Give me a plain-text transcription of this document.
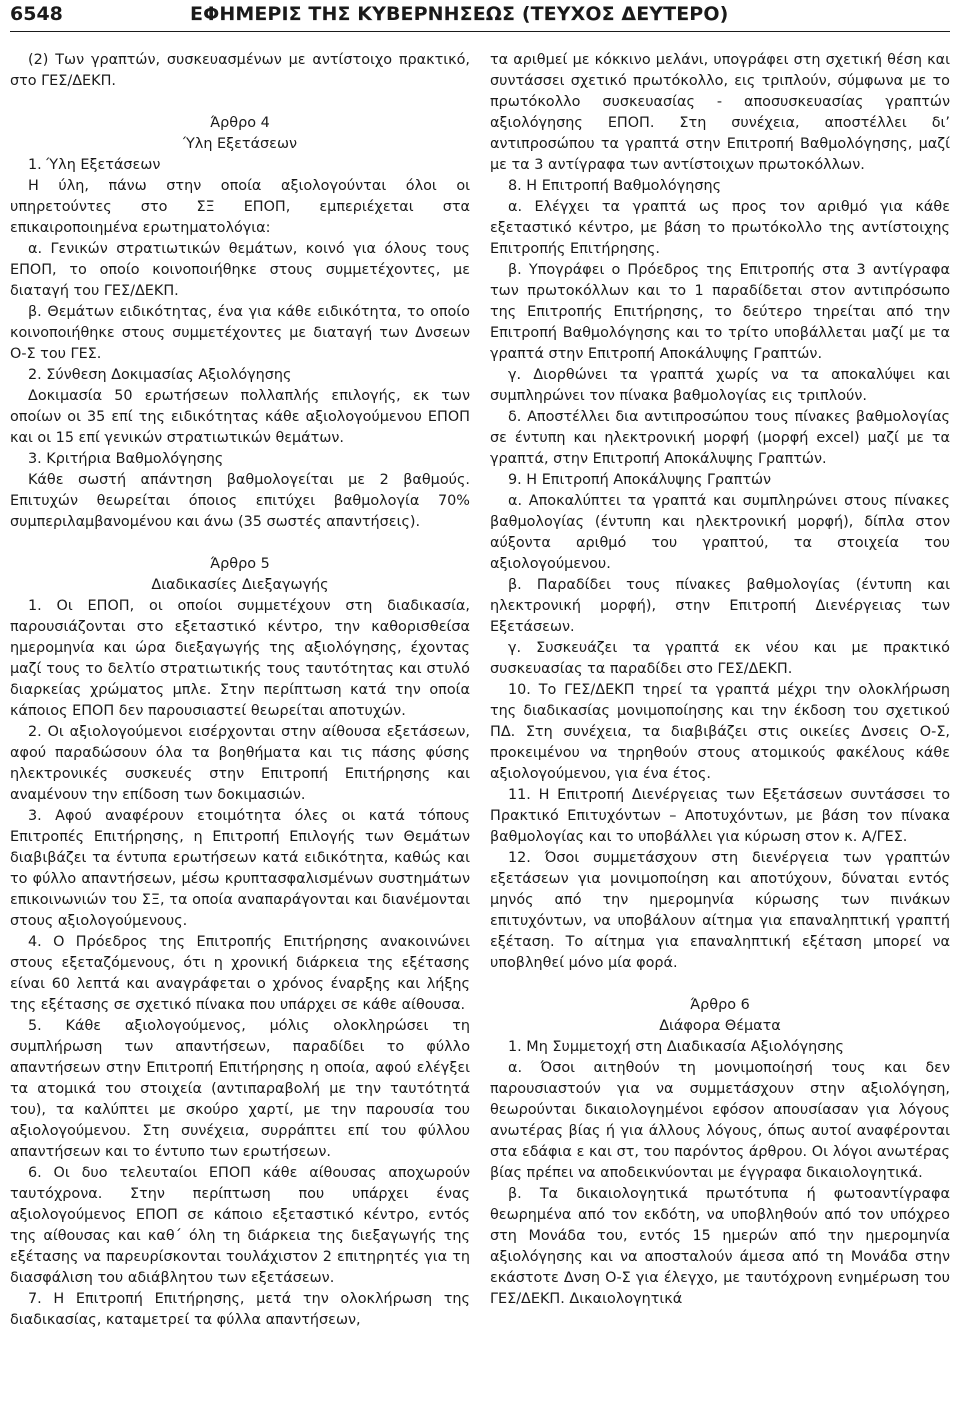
6548	ΕΦΗΜΕΡΙΣ ΤΗΣ ΚΥΒΕΡΝΗΣΕΩΣ (ΤΕΥΧΟΣ ΔΕΥΤΕΡΟ)

(2) Των γραπτών, συσκευασμένων με αντίστοιχο πρακτικό, στο ΓΕΣ/ΔΕΚΠ.

Άρθρο 4

Ύλη Εξετάσεων

1. Ύλη Εξετάσεων

Η ύλη, πάνω στην οποία αξιολογούνται όλοι οι υπηρετούντες στο ΣΞ ΕΠΟΠ, εμπεριέχεται στα επικαιροποιημένα ερωτηματολόγια:

α. Γενικών στρατιωτικών θεμάτων, κοινό για όλους τους ΕΠΟΠ, το οποίο κοινοποιήθηκε στους συμμετέχοντες, με διαταγή του ΓΕΣ/ΔΕΚΠ.

β. Θεμάτων ειδικότητας, ένα για κάθε ειδικότητα, το οποίο κοινοποιήθηκε στους συμμετέχοντες με διαταγή των Δνσεων Ο-Σ του ΓΕΣ.

2. Σύνθεση Δοκιμασίας Αξιολόγησης

Δοκιμασία 50 ερωτήσεων πολλαπλής επιλογής, εκ των οποίων οι 35 επί της ειδικότητας κάθε αξιολογούμενου ΕΠΟΠ και οι 15 επί γενικών στρατιωτικών θεμάτων.

3. Κριτήρια Βαθμολόγησης

Κάθε σωστή απάντηση βαθμολογείται με 2 βαθμούς. Επιτυχών θεωρείται όποιος επιτύχει βαθμολογία 70% συμπεριλαμβανομένου και άνω (35 σωστές απαντήσεις).

Άρθρο 5

Διαδικασίες Διεξαγωγής

1. Οι ΕΠΟΠ, οι οποίοι συμμετέχουν στη διαδικασία, παρουσιάζονται στο εξεταστικό κέντρο, την καθορισθείσα ημερομηνία και ώρα διεξαγωγής της αξιολόγησης, έχοντας μαζί τους το δελτίο στρατιωτικής τους ταυτότητας και στυλό διαρκείας χρώματος μπλε. Στην περίπτωση κατά την οποία κάποιος ΕΠΟΠ δεν παρουσιαστεί θεωρείται αποτυχών.

2. Οι αξιολογούμενοι εισέρχονται στην αίθουσα εξετάσεων, αφού παραδώσουν όλα τα βοηθήματα και τις πάσης φύσης ηλεκτρονικές συσκευές στην Επιτροπή Επιτήρησης και αναμένουν την επίδοση των δοκιμασιών.

3. Αφού αναφέρουν ετοιμότητα όλες οι κατά τόπους Επιτροπές Επιτήρησης, η Επιτροπή Επιλογής των Θεμάτων διαβιβάζει τα έντυπα ερωτήσεων κατά ειδικότητα, καθώς και το φύλλο απαντήσεων, μέσω κρυπτασφαλισμένων συστημάτων επικοινωνιών του ΣΞ, τα οποία αναπαράγονται και διανέμονται στους αξιολογούμενους.

4. Ο Πρόεδρος της Επιτροπής Επιτήρησης ανακοινώνει στους εξεταζόμενους, ότι η χρονική διάρκεια της εξέτασης είναι 60 λεπτά και αναγράφεται ο χρόνος έναρξης και λήξης της εξέτασης σε σχετικό πίνακα που υπάρχει σε κάθε αίθουσα.

5. Κάθε αξιολογούμενος, μόλις ολοκληρώσει τη συμπλήρωση των απαντήσεων, παραδίδει το φύλλο απαντήσεων στην Επιτροπή Επιτήρησης η οποία, αφού ελέγξει τα ατομικά του στοιχεία (αντιπαραβολή με την ταυτότητά του), τα καλύπτει με σκούρο χαρτί, με την παρουσία του αξιολογούμενου. Στη συνέχεια, συρράπτει επί του φύλλου απαντήσεων και το έντυπο των ερωτήσεων.

6. Οι δυο τελευταίοι ΕΠΟΠ κάθε αίθουσας αποχωρούν ταυτόχρονα. Στην περίπτωση που υπάρχει ένας αξιολογούμενος ΕΠΟΠ σε κάποιο εξεταστικό κέντρο, εντός της αίθουσας και καθ΄ όλη τη διάρκεια της διεξαγωγής της εξέτασης να παρευρίσκονται τουλάχιστον 2 επιτηρητές για τη διασφάλιση του αδιάβλητου των εξετάσεων.

7. Η Επιτροπή Επιτήρησης, μετά την ολοκλήρωση της διαδικασίας, καταμετρεί τα φύλλα απαντήσεων,

τα αριθμεί με κόκκινο μελάνι, υπογράφει στη σχετική θέση και συντάσσει σχετικό πρωτόκολλο, εις τριπλούν, σύμφωνα με το πρωτόκολλο συσκευασίας - αποσυσκευασίας γραπτών αξιολόγησης ΕΠΟΠ. Στη συνέχεια, αποστέλλει δι’ αντιπροσώπου τα γραπτά στην Επιτροπή Βαθμολόγησης, μαζί με τα 3 αντίγραφα των αντίστοιχων πρωτοκόλλων.

8. Η Επιτροπή Βαθμολόγησης

α. Ελέγχει τα γραπτά ως προς τον αριθμό για κάθε εξεταστικό κέντρο, με βάση το πρωτόκολλο της αντίστοιχης Επιτροπής Επιτήρησης.

β. Υπογράφει ο Πρόεδρος της Επιτροπής στα 3 αντίγραφα των πρωτοκόλλων και το 1 παραδίδεται στον αντιπρόσωπο της Επιτροπής Επιτήρησης, το δεύτερο τηρείται από την Επιτροπή Βαθμολόγησης και το τρίτο υποβάλλεται μαζί με τα γραπτά στην Επιτροπή Αποκάλυψης Γραπτών.

γ. Διορθώνει τα γραπτά χωρίς να τα αποκαλύψει και συμπληρώνει τον πίνακα βαθμολογίας εις τριπλούν.

δ. Αποστέλλει δια αντιπροσώπου τους πίνακες βαθμολογίας σε έντυπη και ηλεκτρονική μορφή (μορφή excel) μαζί με τα γραπτά, στην Επιτροπή Αποκάλυψης Γραπτών.

9. Η Επιτροπή Αποκάλυψης Γραπτών

α. Αποκαλύπτει τα γραπτά και συμπληρώνει στους πίνακες βαθμολογίας (έντυπη και ηλεκτρονική μορφή), δίπλα στον αύξοντα αριθμό του γραπτού, τα στοιχεία του αξιολογούμενου.

β. Παραδίδει τους πίνακες βαθμολογίας (έντυπη και ηλεκτρονική μορφή), στην Επιτροπή Διενέργειας των Εξετάσεων.

γ. Συσκευάζει τα γραπτά εκ νέου και με πρακτικό συσκευασίας τα παραδίδει στο ΓΕΣ/ΔΕΚΠ.

10. Το ΓΕΣ/ΔΕΚΠ τηρεί τα γραπτά μέχρι την ολοκλήρωση της διαδικασίας μονιμοποίησης και την έκδοση του σχετικού ΠΔ. Στη συνέχεια, τα διαβιβάζει στις οικείες Δνσεις Ο-Σ, προκειμένου να τηρηθούν στους ατομικούς φακέλους κάθε αξιολογούμενου, για ένα έτος.

11. Η Επιτροπή Διενέργειας των Εξετάσεων συντάσσει το Πρακτικό Επιτυχόντων – Αποτυχόντων, με βάση τον πίνακα βαθμολογίας και το υποβάλλει για κύρωση στον κ. Α/ΓΕΣ.

12. Όσοι συμμετάσχουν στη διενέργεια των γραπτών εξετάσεων για μονιμοποίηση και αποτύχουν, δύναται εντός μηνός από την ημερομηνία κύρωσης των πινάκων επιτυχόντων, να υποβάλουν αίτημα για επαναληπτική γραπτή εξέταση. Το αίτημα για επαναληπτική εξέταση μπορεί να υποβληθεί μόνο μία φορά.

Άρθρο 6

Διάφορα Θέματα

1. Μη Συμμετοχή στη Διαδικασία Αξιολόγησης

α. Όσοι αιτηθούν τη μονιμοποίησή τους και δεν παρουσιαστούν για να συμμετάσχουν στην αξιολόγηση, θεωρούνται δικαιολογημένοι εφόσον απουσίασαν για λόγους ανωτέρας βίας ή για άλλους λόγους, όπως αυτοί αναφέρονται στα εδάφια ε και στ, του παρόντος άρθρου. Οι λόγοι ανωτέρας βίας πρέπει να αποδεικνύονται με έγγραφα δικαιολογητικά.

β. Τα δικαιολογητικά πρωτότυπα ή φωτοαντίγραφα θεωρημένα από τον εκδότη, να υποβληθούν από τον υπόχρεο στη Μονάδα του, εντός 15 ημερών από την ημερομηνία αξιολόγησης και να αποσταλούν άμεσα από τη Μονάδα στην εκάστοτε Δνση Ο-Σ για έλεγχο, με ταυτόχρονη ενημέρωση του ΓΕΣ/ΔΕΚΠ. Δικαιολογητικά
